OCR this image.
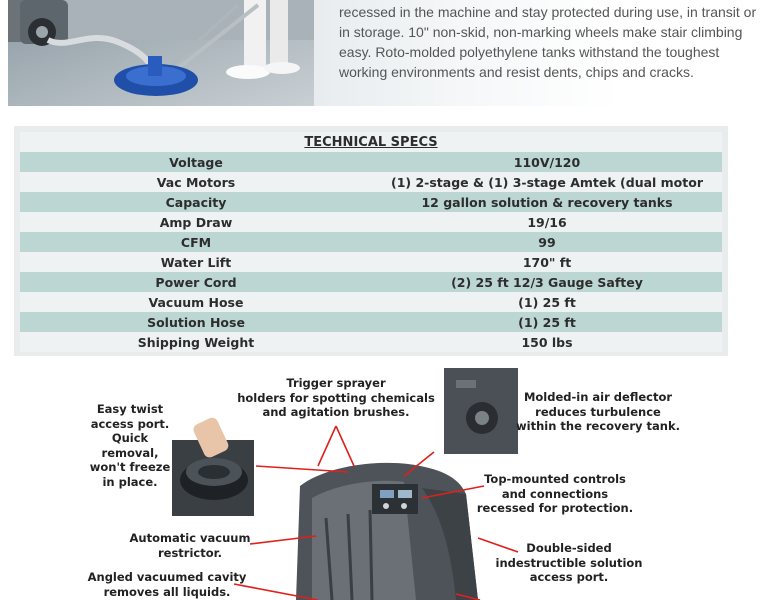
recessed in the machine and stay protected during use, in transit or
in storage. 10" non-skid, non-marking wheels make stair climbing
easy. Roto-molded polyethylene tanks withstand the toughest
working environments and resist dents, chips and cracks.
TECHNICAL SPECS	
Voltage	110V/120
Vac Motors	(1) 2-stage & (1) 3-stage Amtek (dual motor
Capacity	12 gallon solution & recovery tanks
Amp Draw	19/16
CFM	99
Water Lift	170" ft
Power Cord	(2) 25 ft 12/3 Gauge Saftey
Vacuum Hose	(1) 25 ft
Solution Hose	(1) 25 ft
Shipping Weight	150 lbs
Trigger sprayer
holders for spotting chemicals
and agitation brushes.
Easy twist
access port.
Quick
removal,
won't freeze
in place.
Molded-in air deflector
reduces turbulence
within the recovery tank.
Top-mounted controls
and connections
recessed for protection.
Automatic vacuum
restrictor.	Double-sided
indestructible solution
access port.
Angled vacuumed cavity
removes all liquids.
